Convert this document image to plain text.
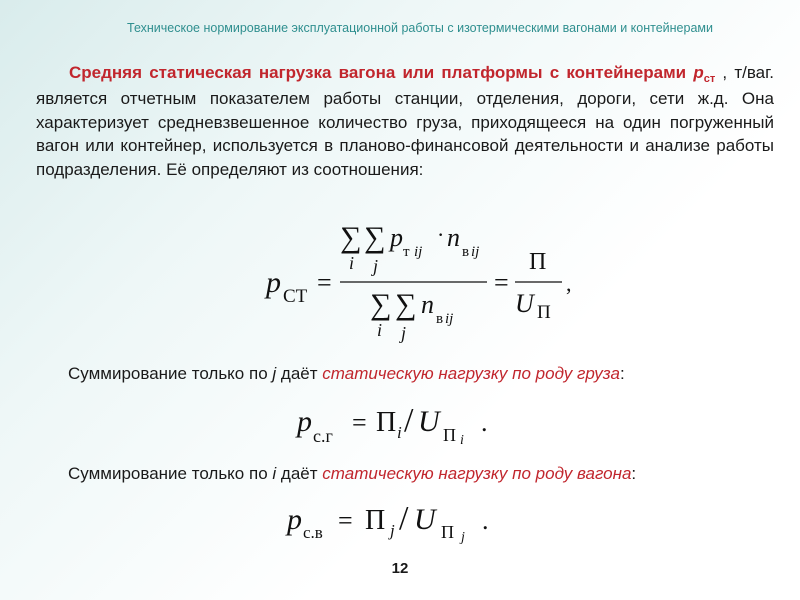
Техническое нормирование эксплуатационной работы с изотермическими вагонами и контейнерами
Средняя статическая нагрузка вагона или платформы с контейнерами $p_{ст}$ , т/ваг. является отчетным показателем работы станции, отделения, дороги, сети ж.д. Она характеризует средневзвешенное количество груза, приходящееся на один погруженный вагон или контейнер, используется в планово-финансовой деятельности и анализе работы подразделения. Её определяют из соотношения:
∑ ∑
i j
p т ij
· n в ij
p СТ =
∑ ∑
i j
n в ij
=
П
U П
,
p с.г = П i / U П i
.
p с.в = П j / U П j
.
Суммирование только по j даёт статическую нагрузку по роду груза:
Суммирование только по i даёт статическую нагрузку по роду вагона:
12
